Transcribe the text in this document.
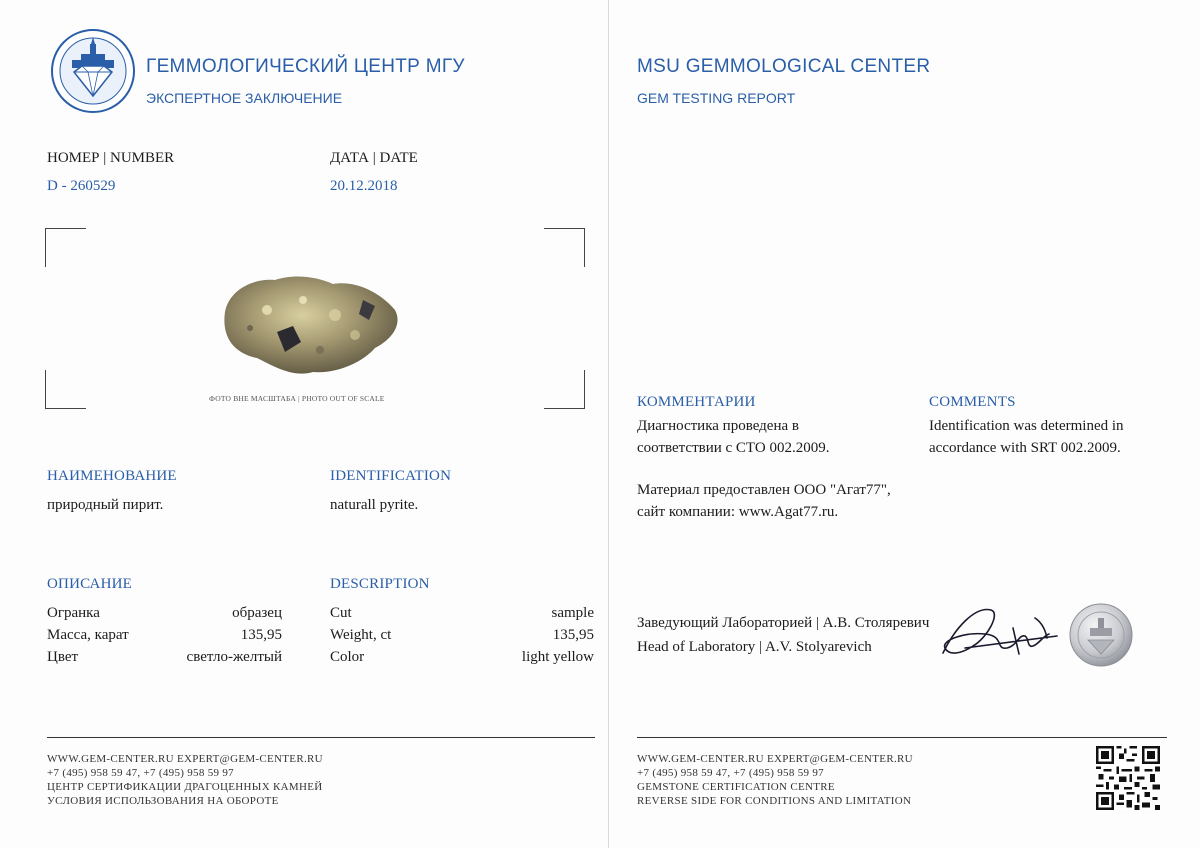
ГЕММОЛОГИЧЕСКИЙ ЦЕНТР МГУ
ЭКСПЕРТНОЕ ЗАКЛЮЧЕНИЕ
НОМЕР | NUMBER
D - 260529
ДАТА | DATE
20.12.2018
ФОТО ВНЕ МАСШТАБА | PHOTO OUT OF SCALE
НАИМЕНОВАНИЕ
природный пирит.
IDENTIFICATION
naturall pyrite.
ОПИСАНИЕ	DESCRIPTION
Огранка	образец	Cut	sample
Масса, карат	135,95	Weight, ct	135,95
Цвет	светло-желтый	Color	light yellow
WWW.GEM-CENTER.RU EXPERT@GEM-CENTER.RU
+7 (495) 958 59 47, +7 (495) 958 59 97
ЦЕНТР СЕРТИФИКАЦИИ ДРАГОЦЕННЫХ КАМНЕЙ
УСЛОВИЯ ИСПОЛЬЗОВАНИЯ НА ОБОРОТЕ
MSU GEMMOLOGICAL CENTER
GEM TESTING REPORT
КОММЕНТАРИИ
Диагностика проведена в
соответствии с СТО 002.2009.
Материал предоставлен ООО "Агат77",
сайт компании: www.Agat77.ru.
COMMENTS
Identification was determined in
accordance with SRT 002.2009.
Заведующий Лабораторией | А.В. Столяревич
Head of Laboratory | A.V. Stolyarevich
WWW.GEM-CENTER.RU EXPERT@GEM-CENTER.RU
+7 (495) 958 59 47, +7 (495) 958 59 97
GEMSTONE CERTIFICATION CENTRE
REVERSE SIDE FOR CONDITIONS AND LIMITATION
